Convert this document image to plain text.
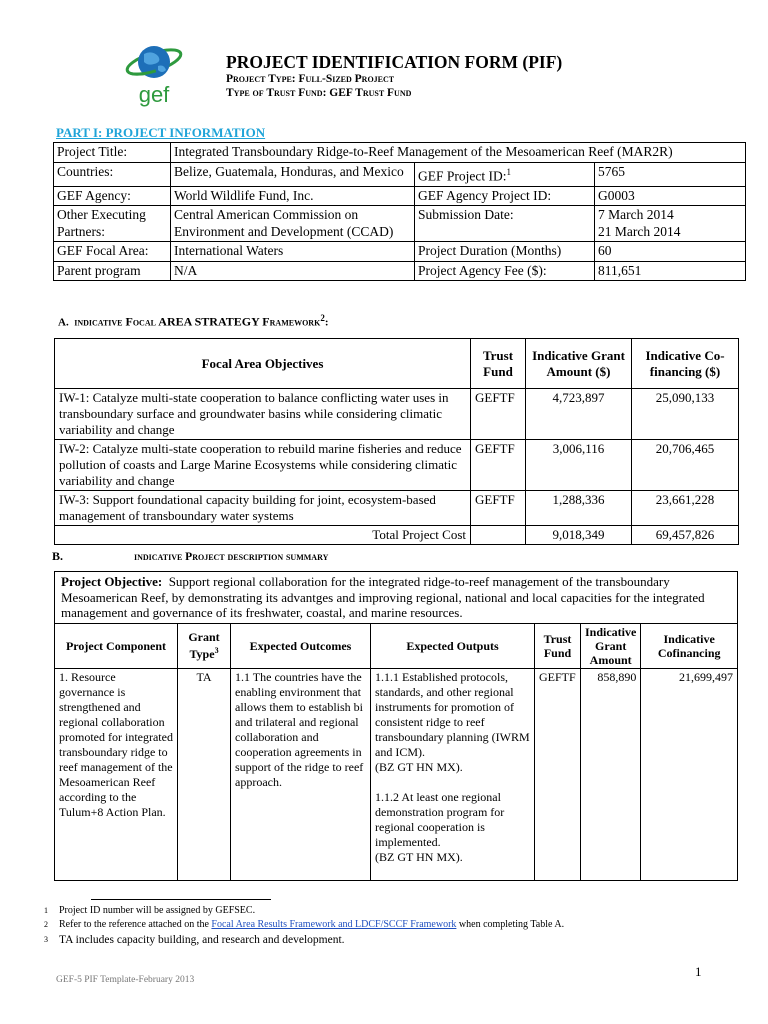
gef
PROJECT IDENTIFICATION FORM (PIF)
Project Type: Full-Sized Project
Type of Trust Fund: GEF Trust Fund
PART I: PROJECT INFORMATION
Project Title:	Integrated Transboundary Ridge-to-Reef Management of the Mesoamerican Reef (MAR2R)		
Countries:	Belize, Guatemala, Honduras, and Mexico	GEF Project ID:$^1$	5765
GEF Agency:	World Wildlife Fund, Inc.	GEF Agency Project ID:	G0003
Other Executing Partners:	Central American Commission on Environment and Development (CCAD)	Submission Date:	7 March 2014
21 March 2014

GEF Focal Area:	International Waters	Project Duration (Months)	60
Parent program	N/A	Project Agency Fee ($):	811,651
A. indicative Focal AREA STRATEGY Framework$^2$:
Focal Area Objectives	Trust Fund	Indicative Grant Amount ($)	Indicative Co-financing ($)
IW-1: Catalyze multi-state cooperation to balance conflicting water uses in transboundary surface and groundwater basins while considering climatic variability and change	GEFTF	4,723,897	25,090,133
IW-2: Catalyze multi-state cooperation to rebuild marine fisheries and reduce pollution of coasts and Large Marine Ecosystems while considering climatic variability and change	GEFTF	3,006,116	20,706,465
IW-3: Support foundational capacity building for joint, ecosystem-based management of transboundary water systems	GEFTF	1,288,336	23,661,228
Total Project Cost		9,018,349	69,457,826
B.	indicative Project description summary
Project Objective: Support regional collaboration for the integrated ridge-to-reef management of the transboundary Mesoamerican Reef, by demonstrating its advantges and improving regional, national and local capacities for the integrated management and governance of its freshwater, coastal, and marine resources.						
Project Component	Grant Type$^3$	Expected Outcomes	Expected Outputs	Trust Fund	Indicative Grant Amount	Indicative Cofinancing
1. Resource governance is strengthened and regional collaboration promoted for integrated transboundary ridge to reef management of the Mesoamerican Reef according to the Tulum+8 Action Plan.	TA	1.1 The countries have the enabling environment that allows them to establish bi and trilateral and regional collaboration and cooperation agreements in support of the ridge to reef approach.	1.1.1 Established protocols, standards, and other regional instruments for promotion of consistent ridge to reef transboundary planning (IWRM and ICM).
(BZ GT HN MX).
1.1.2 At least one regional demonstration program for regional cooperation is implemented.
(BZ GT HN MX).	GEFTF	858,890	21,699,497
$^1$ Project ID number will be assigned by GEFSEC.
$^2$ Refer to the reference attached on the Focal Area Results Framework and LDCF/SCCF Framework when completing Table A.
$^3$ TA includes capacity building, and research and development.
1
GEF-5 PIF Template-February 2013
